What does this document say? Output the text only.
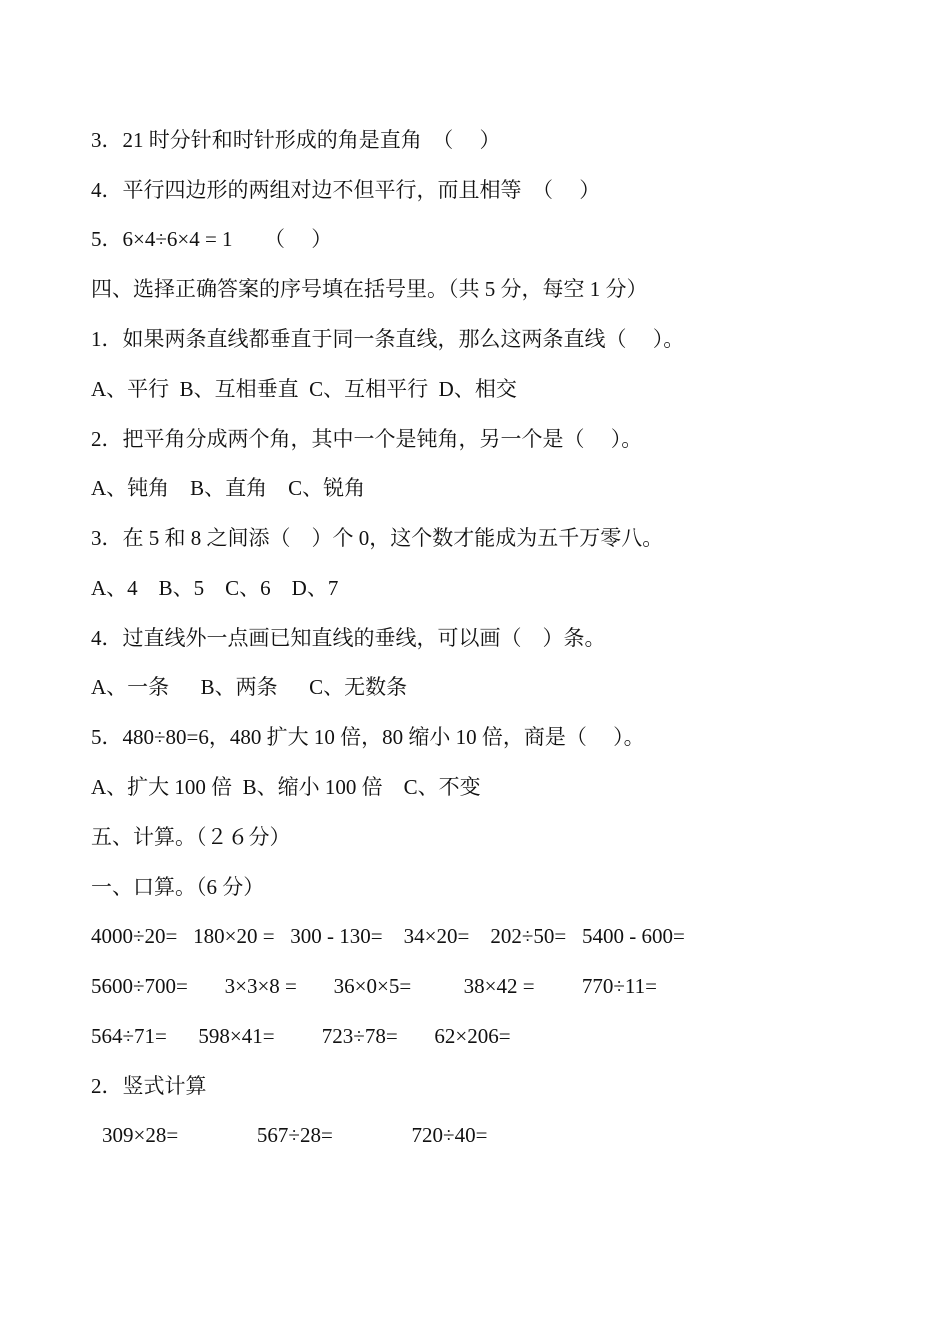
3．21 时分针和时针形成的角是直角　（　 ）
4．平行四边形的两组对边不但平行，而且相等　（　 ）
5．6×4÷6×4 = 1 　 （　 ）
四、选择正确答案的序号填在括号里。（共 5 分，每空 1 分）
1．如果两条直线都垂直于同一条直线，那么这两条直线（　 ）。
A、平行  B、互相垂直  C、互相平行  D、相交
2．把平角分成两个角，其中一个是钝角，另一个是（　 ）。
A、钝角    B、直角    C、锐角
3．在 5 和 8 之间添（　）个 0，这个数才能成为五千万零八。
A、4    B、5    C、6    D、7
4．过直线外一点画已知直线的垂线，可以画（　）条。
A、一条      B、两条      C、无数条
5．480÷80=6，480 扩大 10 倍，80 缩小 10 倍，商是（　 ）。
A、扩大 100 倍  B、缩小 100 倍    C、不变
五、计算。（２６分）
一、口算。（6 分）
4000÷20=   180×20 =   300 - 130=    34×20=    202÷50=   5400 - 600=
5600÷700=       3×3×8 =       36×0×5=          38×42 =         770÷11=
564÷71=      598×41=         723÷78=       62×206=
2．竖式计算
309×28=               567÷28=               720÷40=
